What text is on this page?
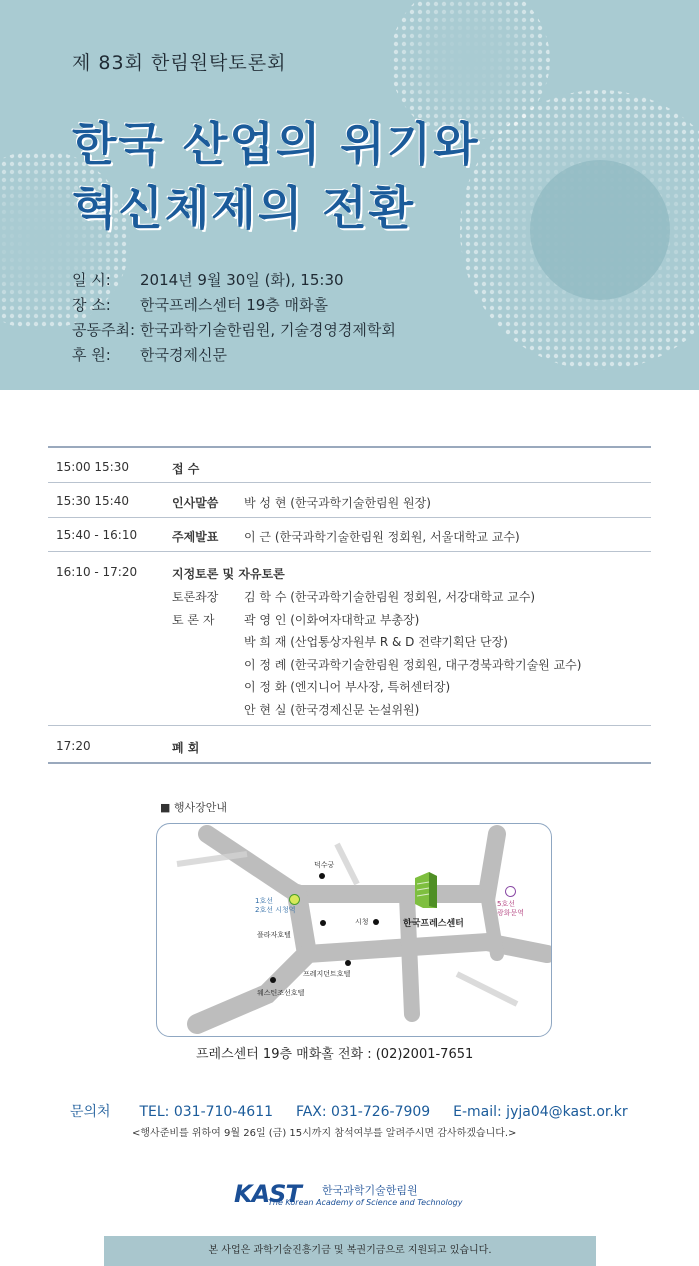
제 83회 한림원탁토론회
한국 산업의 위기와
혁신체제의 전환
일 시:	2014년 9월 30일 (화), 15:30
장 소:	한국프레스센터 19층 매화홀
공동주최: 한국과학기술한림원, 기술경영경제학회
후 원:	한국경제신문
15:00 15:30	접 수
15:30 15:40	인사말씀 박 성 현 (한국과학기술한림원 원장)
15:40 - 16:10	주제발표 이 근 (한국과학기술한림원 정회원, 서울대학교 교수)
16:10 - 17:20	지정토론 및 자유토론
토론좌장 김 학 수 (한국과학기술한림원 정회원, 서강대학교 교수)
토 론 자 곽 영 인 (이화여자대학교 부총장)
박 희 재 (산업통상자원부 R & D 전략기획단 단장)
이 정 례 (한국과학기술한림원 정회원, 대구경북과학기술원 교수)
이 정 화 (엔지니어 부사장, 특허센터장)
안 현 실 (한국경제신문 논설위원)
17:20	폐 회
■ 행사장안내
덕수궁
1호선
2호선 시청역
플라자호텔
시청	한국프레스센터
프레지던트호텔
웨스틴조선호텔
5호선
광화문역
프레스센터 19층 매화홀 전화 : (02)2001-7651
문의처 TEL: 031-710-4611 FAX: 031-726-7909 E-mail: jyja04@kast.or.kr
<행사준비를 위하여 9월 26일 (금) 15시까지 참석여부를 알려주시면 감사하겠습니다.>
KAST 한국과학기술한림원
The Korean Academy of Science and Technology
본 사업은 과학기술진흥기금 및 복권기금으로 지원되고 있습니다.
